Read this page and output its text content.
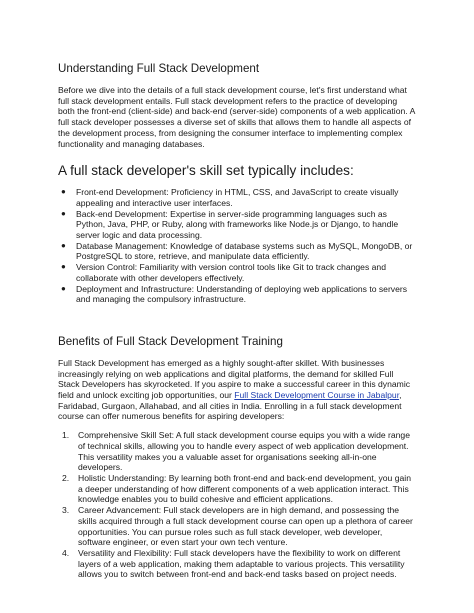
Understanding Full Stack Development

Before we dive into the details of a full stack development course, let's first understand what full stack development entails. Full stack development refers to the practice of developing both the front-end (client-side) and back-end (server-side) components of a web application. A full stack developer possesses a diverse set of skills that allows them to handle all aspects of the development process, from designing the consumer interface to implementing complex functionality and managing databases.

A full stack developer's skill set typically includes:
● Front-end Development: Proficiency in HTML, CSS, and JavaScript to create visually appealing and interactive user interfaces.
● Back-end Development: Expertise in server-side programming languages such as Python, Java, PHP, or Ruby, along with frameworks like Node.js or Django, to handle server logic and data processing.
● Database Management: Knowledge of database systems such as MySQL, MongoDB, or PostgreSQL to store, retrieve, and manipulate data efficiently.
● Version Control: Familiarity with version control tools like Git to track changes and collaborate with other developers effectively.
● Deployment and Infrastructure: Understanding of deploying web applications to servers and managing the compulsory infrastructure.
Benefits of Full Stack Development Training

Full Stack Development has emerged as a highly sought-after skillet. With businesses increasingly relying on web applications and digital platforms, the demand for skilled Full Stack Developers has skyrocketed. If you aspire to make a successful career in this dynamic field and unlock exciting job opportunities, our Full Stack Development Course in Jabalpur, Faridabad, Gurgaon, Allahabad, and all cities in India. Enrolling in a full stack development course can offer numerous benefits for aspiring developers:

1. Comprehensive Skill Set: A full stack development course equips you with a wide range of technical skills, allowing you to handle every aspect of web application development. This versatility makes you a valuable asset for organisations seeking all-in-one developers.
2. Holistic Understanding: By learning both front-end and back-end development, you gain a deeper understanding of how different components of a web application interact. This knowledge enables you to build cohesive and efficient applications.
3. Career Advancement: Full stack developers are in high demand, and possessing the skills acquired through a full stack development course can open up a plethora of career opportunities. You can pursue roles such as full stack developer, web developer, software engineer, or even start your own tech venture.
4. Versatility and Flexibility: Full stack developers have the flexibility to work on different layers of a web application, making them adaptable to various projects. This versatility allows you to switch between front-end and back-end tasks based on project needs.
